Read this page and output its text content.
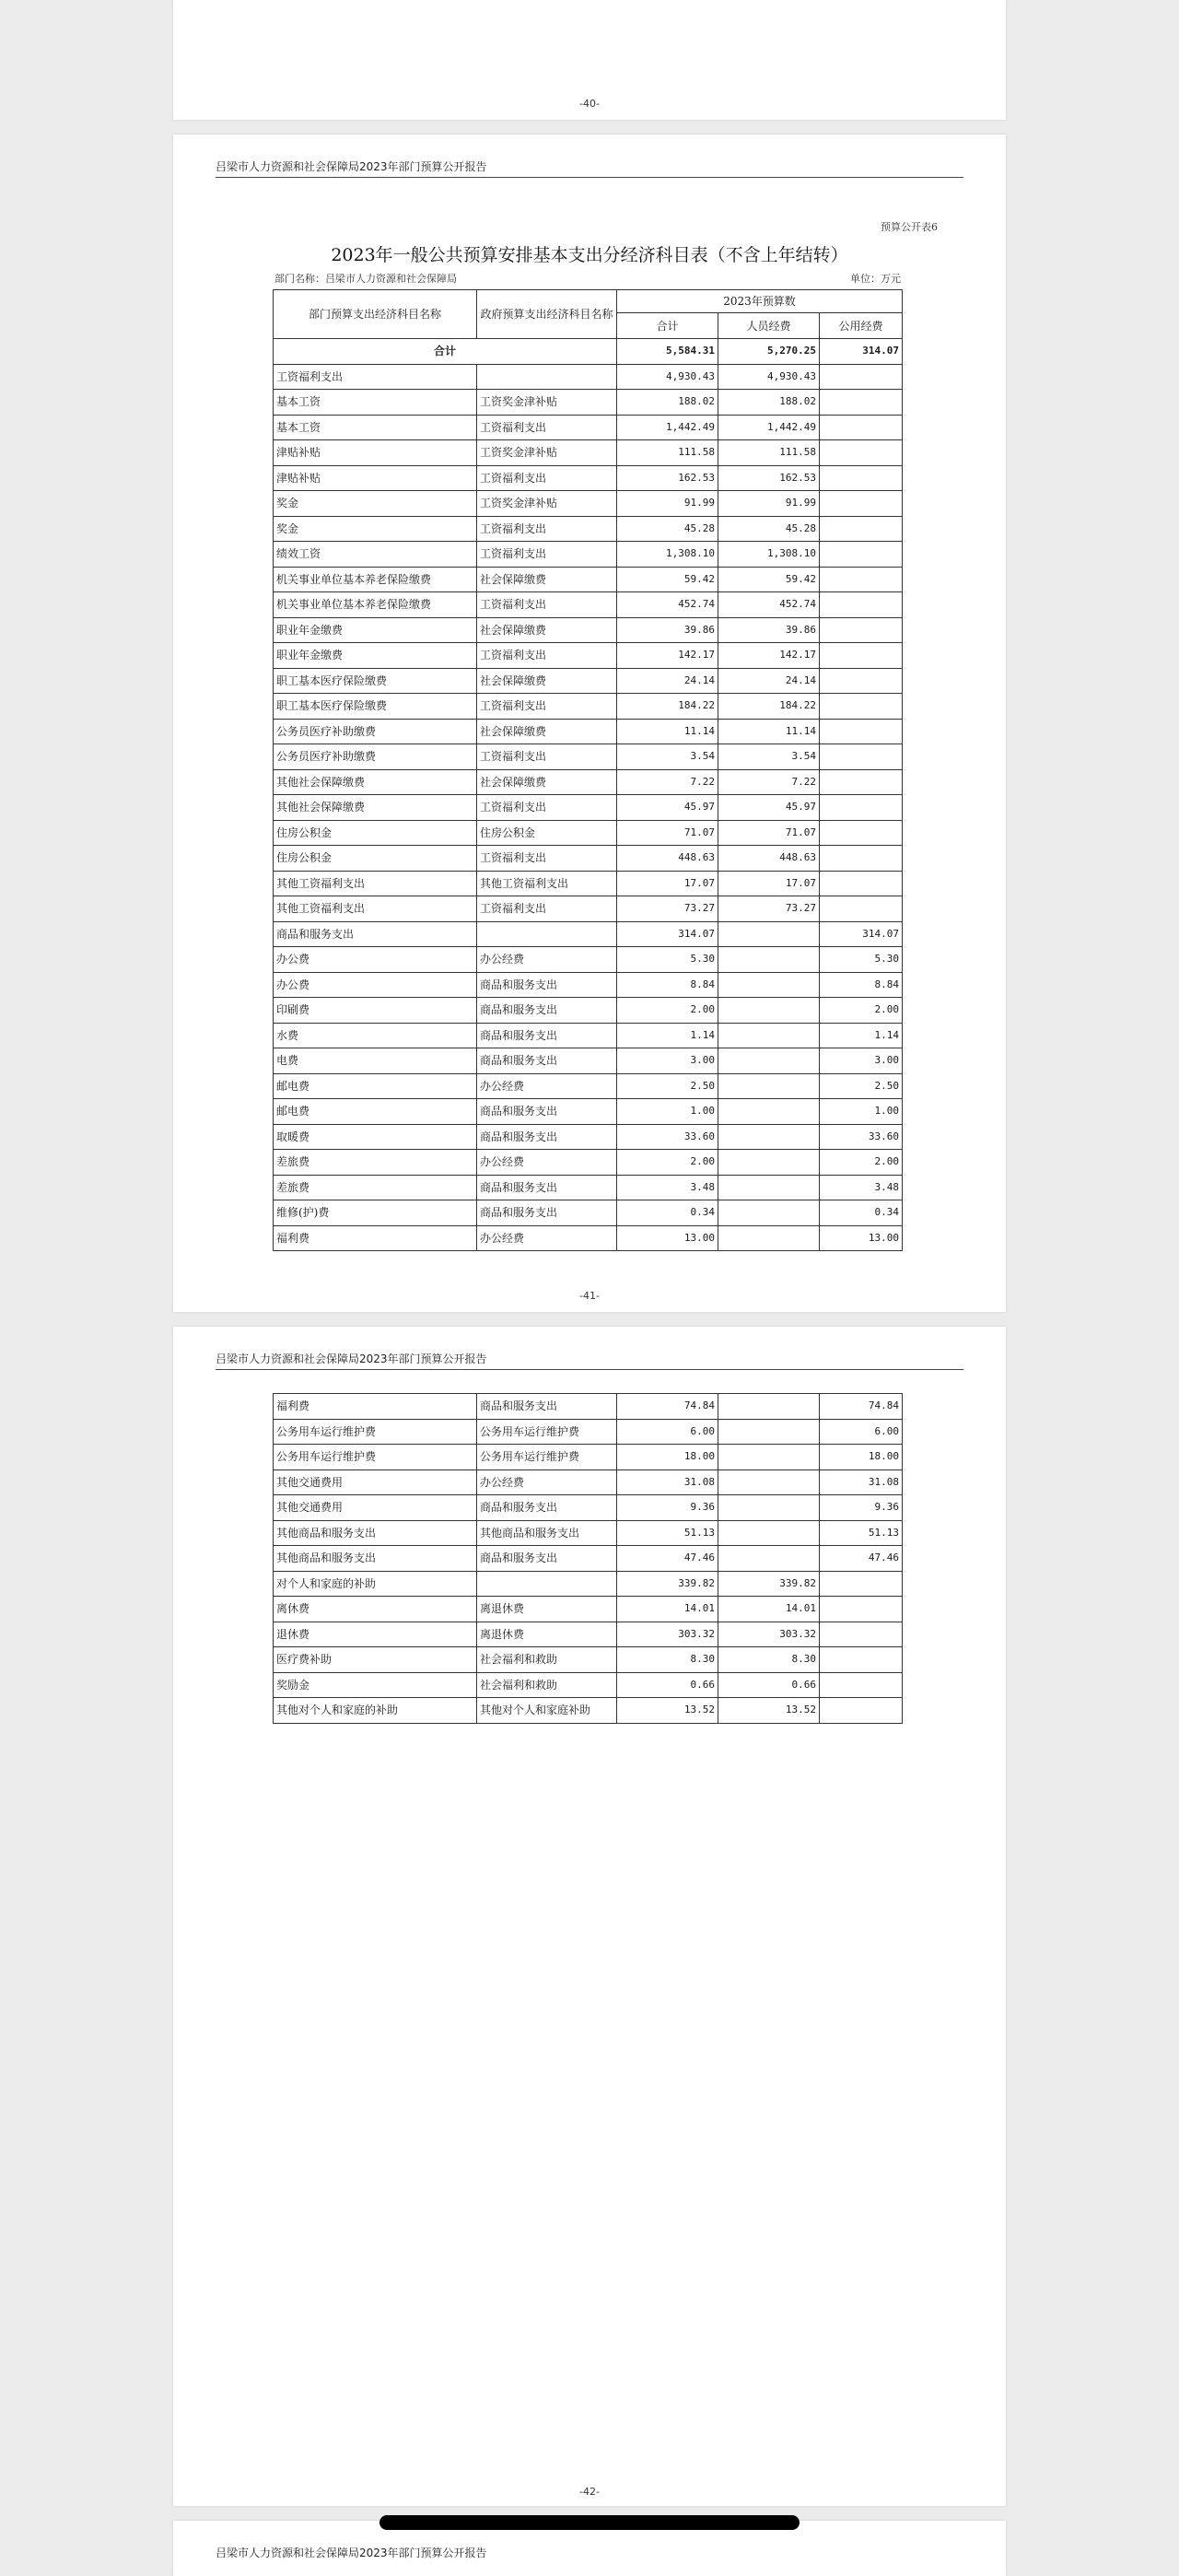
-40-
吕梁市人力资源和社会保障局2023年部门预算公开报告
预算公开表6
2023年一般公共预算安排基本支出分经济科目表（不含上年结转）
部门名称：吕梁市人力资源和社会保障局	单位：万元
部门预算支出经济科目名称	政府预算支出经济科目名称	2023年预算数		
		合计	人员经费	公用经费
合计		5,584.31	5,270.25	314.07
工资福利支出		4,930.43	4,930.43	
基本工资	工资奖金津补贴	188.02	188.02	
基本工资	工资福利支出	1,442.49	1,442.49	
津贴补贴	工资奖金津补贴	111.58	111.58	
津贴补贴	工资福利支出	162.53	162.53	
奖金	工资奖金津补贴	91.99	91.99	
奖金	工资福利支出	45.28	45.28	
绩效工资	工资福利支出	1,308.10	1,308.10	
机关事业单位基本养老保险缴费	社会保障缴费	59.42	59.42	
机关事业单位基本养老保险缴费	工资福利支出	452.74	452.74	
职业年金缴费	社会保障缴费	39.86	39.86	
职业年金缴费	工资福利支出	142.17	142.17	
职工基本医疗保险缴费	社会保障缴费	24.14	24.14	
职工基本医疗保险缴费	工资福利支出	184.22	184.22	
公务员医疗补助缴费	社会保障缴费	11.14	11.14	
公务员医疗补助缴费	工资福利支出	3.54	3.54	
其他社会保障缴费	社会保障缴费	7.22	7.22	
其他社会保障缴费	工资福利支出	45.97	45.97	
住房公积金	住房公积金	71.07	71.07	
住房公积金	工资福利支出	448.63	448.63	
其他工资福利支出	其他工资福利支出	17.07	17.07	
其他工资福利支出	工资福利支出	73.27	73.27	
商品和服务支出		314.07		314.07
办公费	办公经费	5.30		5.30
办公费	商品和服务支出	8.84		8.84
印刷费	商品和服务支出	2.00		2.00
水费	商品和服务支出	1.14		1.14
电费	商品和服务支出	3.00		3.00
邮电费	办公经费	2.50		2.50
邮电费	商品和服务支出	1.00		1.00
取暖费	商品和服务支出	33.60		33.60
差旅费	办公经费	2.00		2.00
差旅费	商品和服务支出	3.48		3.48
维修(护)费	商品和服务支出	0.34		0.34
福利费	办公经费	13.00		13.00
-41-
吕梁市人力资源和社会保障局2023年部门预算公开报告
福利费	商品和服务支出	74.84		74.84
公务用车运行维护费	公务用车运行维护费	6.00		6.00
公务用车运行维护费	公务用车运行维护费	18.00		18.00
其他交通费用	办公经费	31.08		31.08
其他交通费用	商品和服务支出	9.36		9.36
其他商品和服务支出	其他商品和服务支出	51.13		51.13
其他商品和服务支出	商品和服务支出	47.46		47.46
对个人和家庭的补助		339.82	339.82	
离休费	离退休费	14.01	14.01	
退休费	离退休费	303.32	303.32	
医疗费补助	社会福利和救助	8.30	8.30	
奖励金	社会福利和救助	0.66	0.66	
其他对个人和家庭的补助	其他对个人和家庭补助	13.52	13.52	
-42-
吕梁市人力资源和社会保障局2023年部门预算公开报告
